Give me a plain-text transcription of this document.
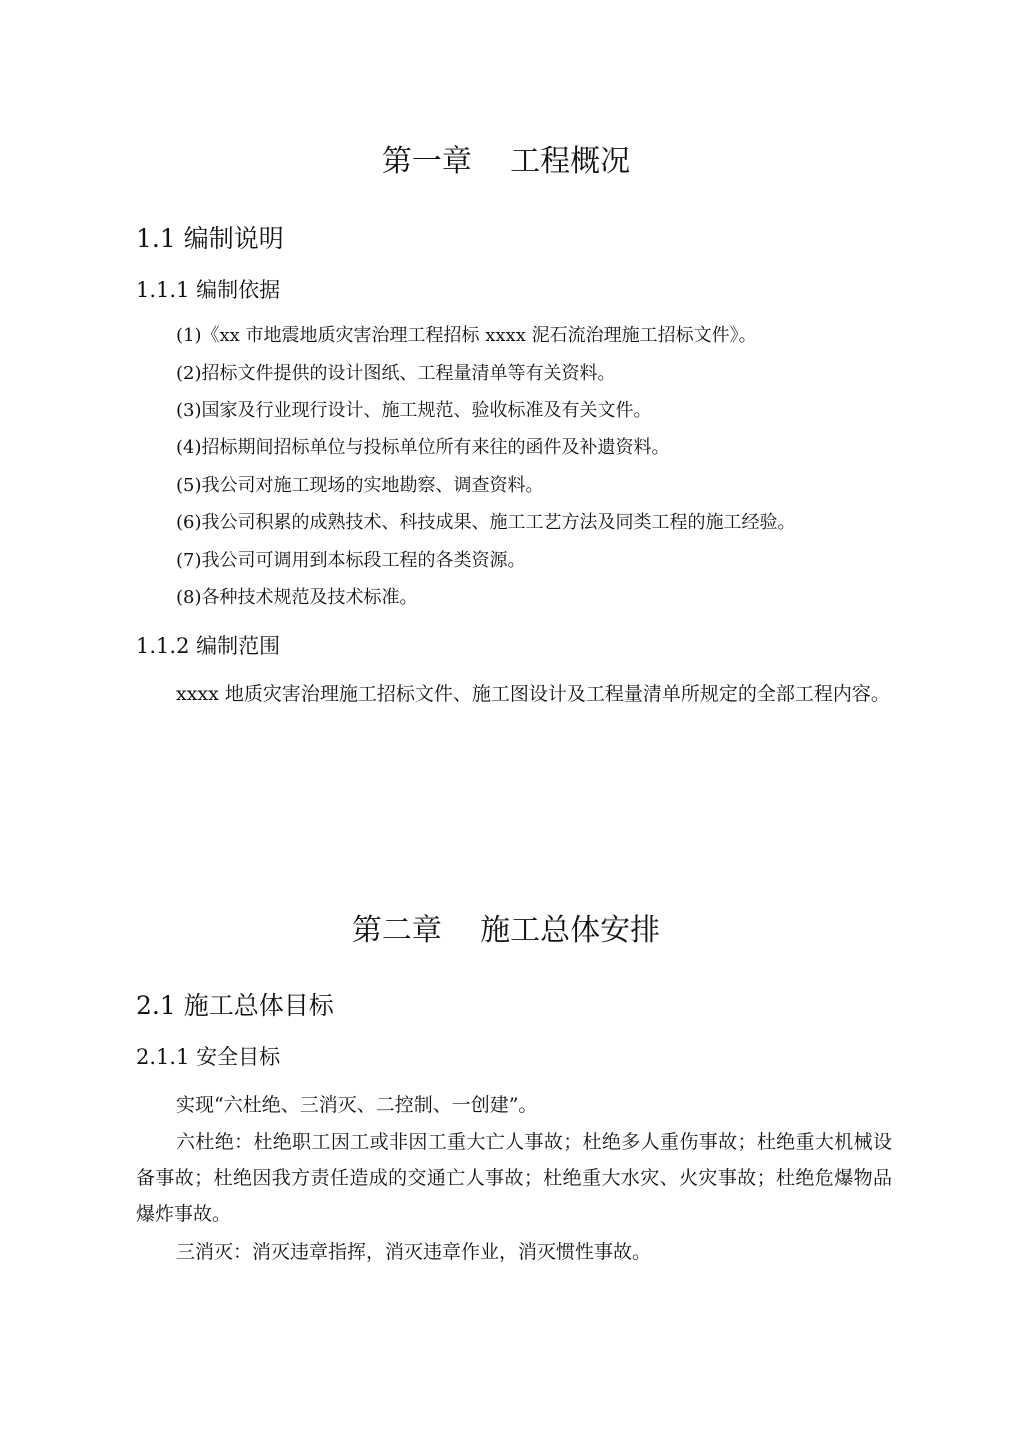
第一章    工程概况
1.1 编制说明
1.1.1 编制依据

(1)《xx 市地震地质灾害治理工程招标 xxxx 泥石流治理施工招标文件》。

(2)招标文件提供的设计图纸、工程量清单等有关资料。

(3)国家及行业现行设计、施工规范、验收标准及有关文件。

(4)招标期间招标单位与投标单位所有来往的函件及补遗资料。

(5)我公司对施工现场的实地勘察、调查资料。

(6)我公司积累的成熟技术、科技成果、施工工艺方法及同类工程的施工经验。

(7)我公司可调用到本标段工程的各类资源。

(8)各种技术规范及技术标准。

1.1.2 编制范围

xxxx 地质灾害治理施工招标文件、施工图设计及工程量清单所规定的全部工程内容。

第二章    施工总体安排
2.1 施工总体目标
2.1.1 安全目标

实现“六杜绝、三消灭、二控制、一创建”。

六杜绝：杜绝职工因工或非因工重大亡人事故；杜绝多人重伤事故；杜绝重大机械设备事故；杜绝因我方责任造成的交通亡人事故；杜绝重大水灾、火灾事故；杜绝危爆物品爆炸事故。

三消灭：消灭违章指挥，消灭违章作业，消灭惯性事故。
